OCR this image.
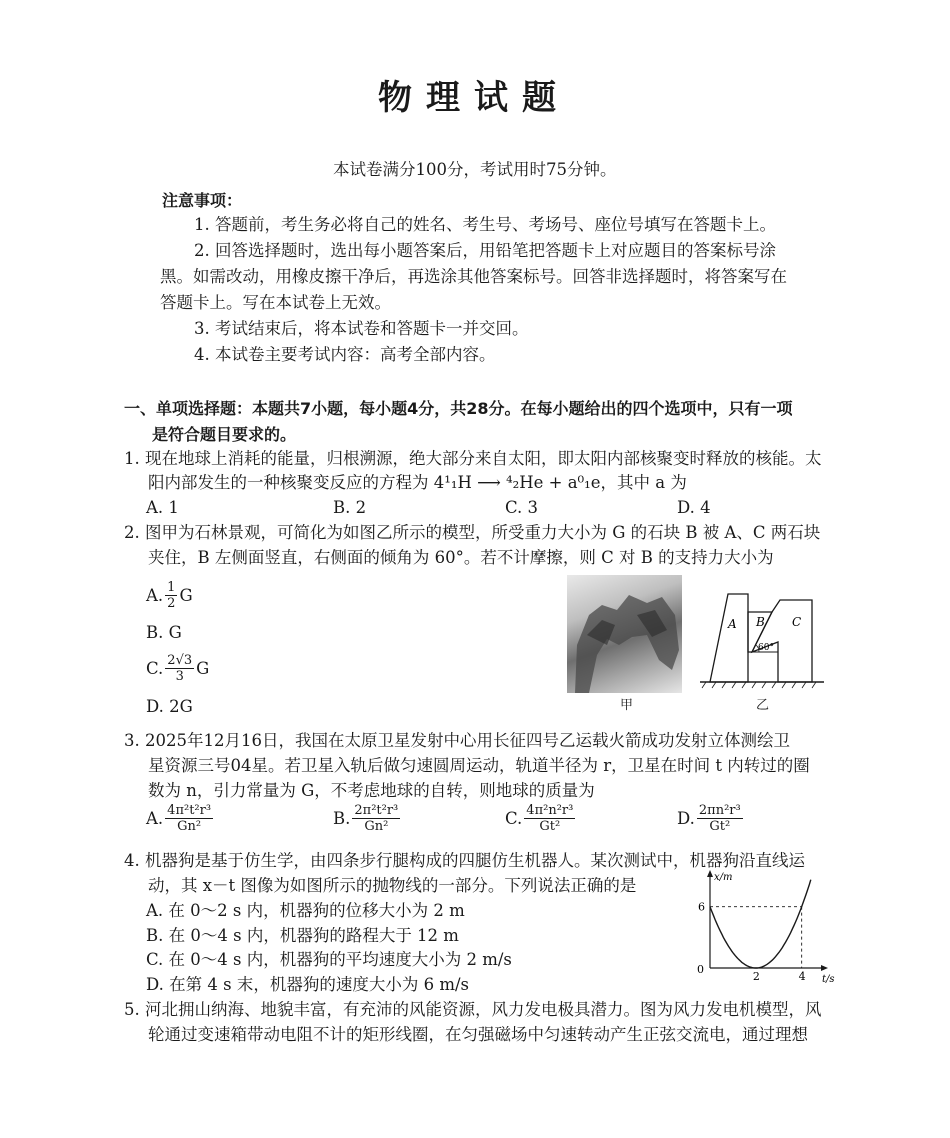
物理试题
本试卷满分100分，考试用时75分钟。
注意事项：
1. 答题前，考生务必将自己的姓名、考生号、考场号、座位号填写在答题卡上。
2. 回答选择题时，选出每小题答案后，用铅笔把答题卡上对应题目的答案标号涂
黑。如需改动，用橡皮擦干净后，再选涂其他答案标号。回答非选择题时，将答案写在
答题卡上。写在本试卷上无效。
3. 考试结束后，将本试卷和答题卡一并交回。
4. 本试卷主要考试内容：高考全部内容。
一、单项选择题：本题共7小题，每小题4分，共28分。在每小题给出的四个选项中，只有一项
是符合题目要求的。
1. 现在地球上消耗的能量，归根溯源，绝大部分来自太阳，即太阳内部核聚变时释放的核能。太
阳内部发生的一种核聚变反应的方程为 4¹₁H ⟶ ⁴₂He + a⁰₁e，其中 a 为
A. 1	B. 2	C. 3	D. 4
2. 图甲为石林景观，可简化为如图乙所示的模型，所受重力大小为 G 的石块 B 被 A、C 两石块
夹住，B 左侧面竖直，右侧面的倾角为 60°。若不计摩擦，则 C 对 B 的支持力大小为
A. $\frac{1}{2}$ G
B. G
C. $\frac{2√3}{3}$ G
D. 2G	甲
A B C
60°
乙
3. 2025年12月16日，我国在太原卫星发射中心用长征四号乙运载火箭成功发射立体测绘卫
星资源三号04星。若卫星入轨后做匀速圆周运动，轨道半径为 r，卫星在时间 t 内转过的圈
数为 n，引力常量为 G，不考虑地球的自转，则地球的质量为
A. $\frac{\text{4π²t²r³}}{\text{Gn²}}$	B. $\frac{\text{2π²t²r³}}{\text{Gn²}}$	C. $\frac{\text{4π²n²r³}}{\text{Gt²}}$	D. $\frac{\text{2πn²r³}}{\text{Gt²}}$
4. 机器狗是基于仿生学，由四条步行腿构成的四腿仿生机器人。某次测试中，机器狗沿直线运
动，其 x－t 图像为如图所示的抛物线的一部分。下列说法正确的是
A. 在 0～2 s 内，机器狗的位移大小为 2 m
B. 在 0～4 s 内，机器狗的路程大于 12 m
C. 在 0～4 s 内，机器狗的平均速度大小为 2 m/s
D. 在第 4 s 末，机器狗的速度大小为 6 m/s
x/m
t/s
6
0
2	4
5. 河北拥山纳海、地貌丰富，有充沛的风能资源，风力发电极具潜力。图为风力发电机模型，风
轮通过变速箱带动电阻不计的矩形线圈，在匀强磁场中匀速转动产生正弦交流电，通过理想
